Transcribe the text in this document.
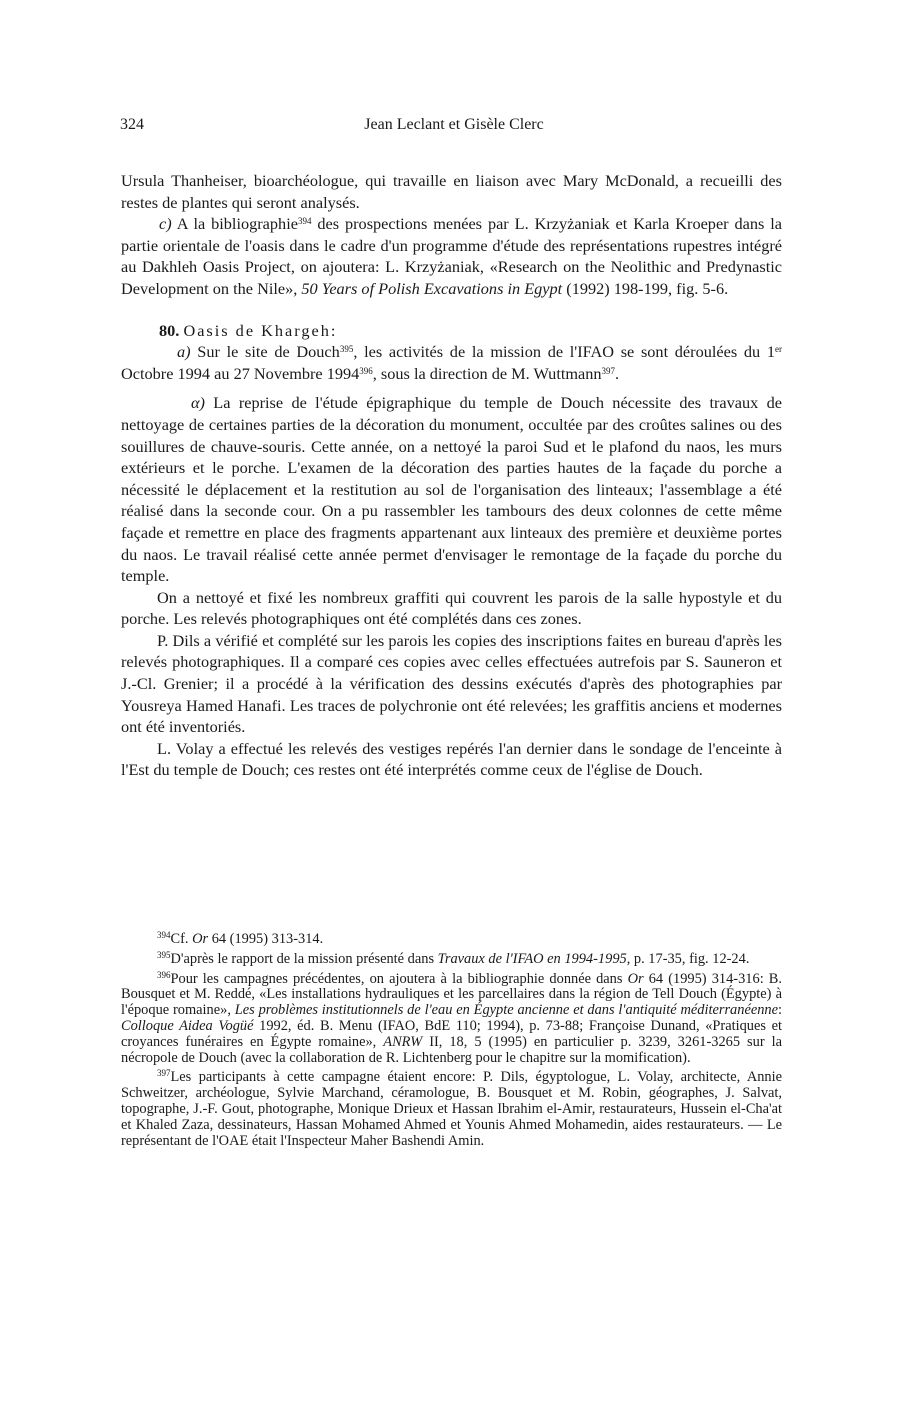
324	Jean Leclant et Gisèle Clerc

Ursula Thanheiser, bioarchéologue, qui travaille en liaison avec Mary McDonald, a recueilli des restes de plantes qui seront analysés.

c) A la bibliographie$^{394}$ des prospections menées par L. Krzyżaniak et Karla Kroeper dans la partie orientale de l'oasis dans le cadre d'un programme d'étude des représentations rupestres intégré au Dakhleh Oasis Project, on ajoutera: L. Krzyżaniak, «Research on the Neolithic and Predynastic Development on the Nile», 50 Years of Polish Excavations in Egypt (1992) 198-199, fig. 5-6.

80. Oasis de Khargeh:

a) Sur le site de Douch$^{395}$, les activités de la mission de l'IFAO se sont déroulées du 1er Octobre 1994 au 27 Novembre 1994$^{396}$, sous la direction de M. Wuttmann$^{397}$.

α) La reprise de l'étude épigraphique du temple de Douch nécessite des travaux de nettoyage de certaines parties de la décoration du monument, occultée par des croûtes salines ou des souillures de chauve-souris. Cette année, on a nettoyé la paroi Sud et le plafond du naos, les murs extérieurs et le porche. L'examen de la décoration des parties hautes de la façade du porche a nécessité le déplacement et la restitution au sol de l'organisation des linteaux; l'assemblage a été réalisé dans la seconde cour. On a pu rassembler les tambours des deux colonnes de cette même façade et remettre en place des fragments appartenant aux linteaux des première et deuxième portes du naos. Le travail réalisé cette année permet d'envisager le remontage de la façade du porche du temple.

On a nettoyé et fixé les nombreux graffiti qui couvrent les parois de la salle hypostyle et du porche. Les relevés photographiques ont été complétés dans ces zones.

P. Dils a vérifié et complété sur les parois les copies des inscriptions faites en bureau d'après les relevés photographiques. Il a comparé ces copies avec celles effectuées autrefois par S. Sauneron et J.-Cl. Grenier; il a procédé à la vérification des dessins exécutés d'après des photographies par Yousreya Hamed Hanafi. Les traces de polychronie ont été relevées; les graffitis anciens et modernes ont été inventoriés.

L. Volay a effectué les relevés des vestiges repérés l'an dernier dans le sondage de l'enceinte à l'Est du temple de Douch; ces restes ont été interprétés comme ceux de l'église de Douch.

$^{394}$Cf. Or 64 (1995) 313-314.

$^{395}$D'après le rapport de la mission présenté dans Travaux de l'IFAO en 1994-1995, p. 17-35, fig. 12-24.

$^{396}$Pour les campagnes précédentes, on ajoutera à la bibliographie donnée dans Or 64 (1995) 314-316: B. Bousquet et M. Reddé, «Les installations hydrauliques et les parcellaires dans la région de Tell Douch (Égypte) à l'époque romaine», Les problèmes institutionnels de l'eau en Égypte ancienne et dans l'antiquité méditerranéenne: Colloque Aidea Vogüé 1992, éd. B. Menu (IFAO, BdE 110; 1994), p. 73-88; Françoise Dunand, «Pratiques et croyances funéraires en Égypte romaine», ANRW II, 18, 5 (1995) en particulier p. 3239, 3261-3265 sur la nécropole de Douch (avec la collaboration de R. Lichtenberg pour le chapitre sur la momification).

$^{397}$Les participants à cette campagne étaient encore: P. Dils, égyptologue, L. Volay, architecte, Annie Schweitzer, archéologue, Sylvie Marchand, céramologue, B. Bousquet et M. Robin, géographes, J. Salvat, topographe, J.-F. Gout, photographe, Monique Drieux et Hassan Ibrahim el-Amir, restaurateurs, Hussein el-Cha'at et Khaled Zaza, dessinateurs, Hassan Mohamed Ahmed et Younis Ahmed Mohamedin, aides restaurateurs. — Le représentant de l'OAE était l'Inspecteur Maher Bashendi Amin.
